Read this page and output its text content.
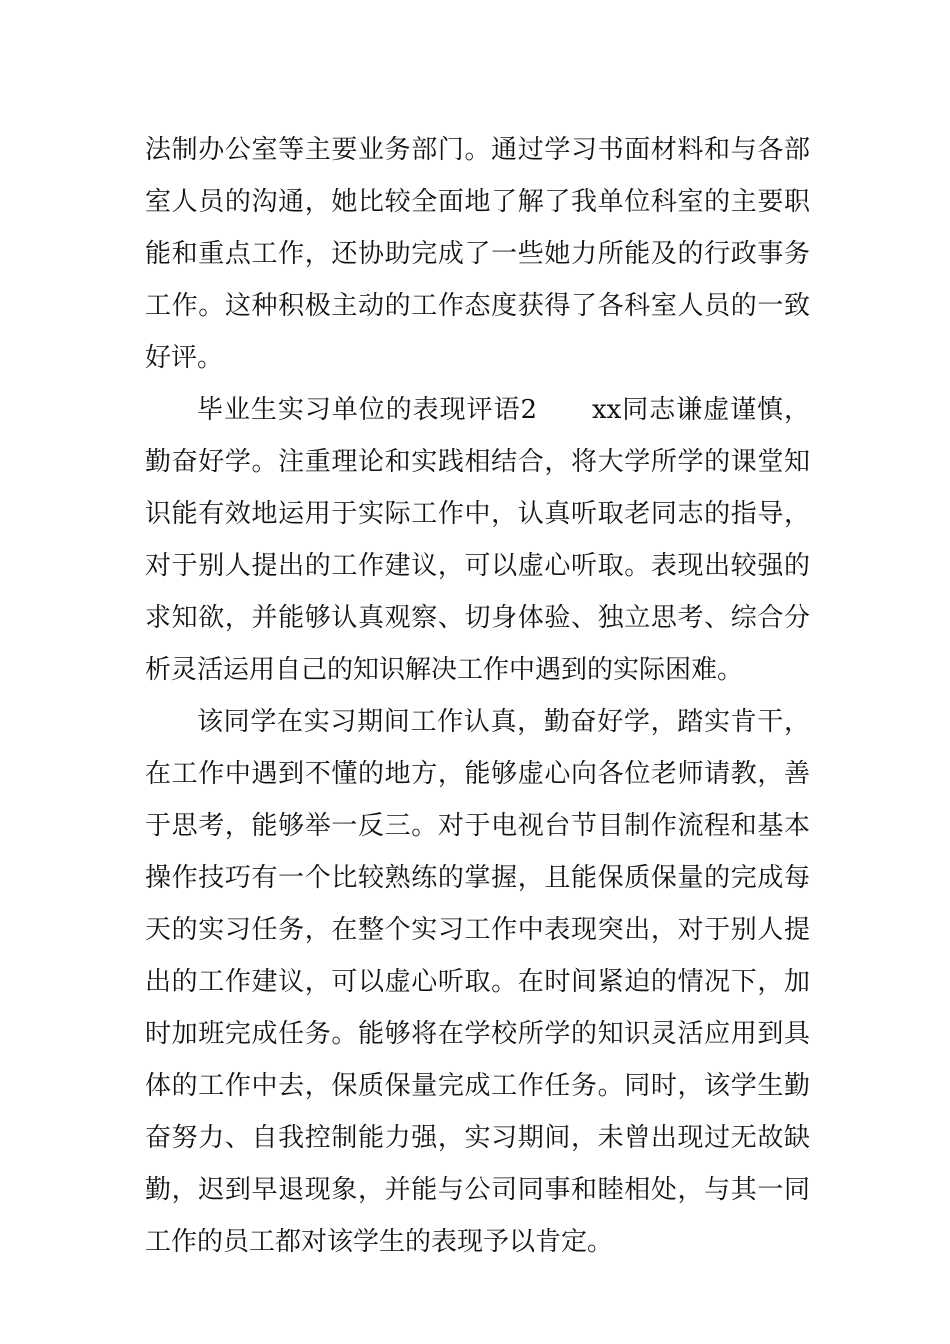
法制办公室等主要业务部门。通过学习书面材料和与各部室人员的沟通，她比较全面地了解了我单位科室的主要职能和重点工作，还协助完成了一些她力所能及的行政事务工作。这种积极主动的工作态度获得了各科室人员的一致好评。

毕业生实习单位的表现评语2　　xx同志谦虚谨慎，勤奋好学。注重理论和实践相结合，将大学所学的课堂知识能有效地运用于实际工作中，认真听取老同志的指导，对于别人提出的工作建议，可以虚心听取。表现出较强的求知欲，并能够认真观察、切身体验、独立思考、综合分析灵活运用自己的知识解决工作中遇到的实际困难。

该同学在实习期间工作认真，勤奋好学，踏实肯干，在工作中遇到不懂的地方，能够虚心向各位老师请教，善于思考，能够举一反三。对于电视台节目制作流程和基本操作技巧有一个比较熟练的掌握，且能保质保量的完成每天的实习任务，在整个实习工作中表现突出，对于别人提出的工作建议，可以虚心听取。在时间紧迫的情况下，加时加班完成任务。能够将在学校所学的知识灵活应用到具体的工作中去，保质保量完成工作任务。同时，该学生勤奋努力、自我控制能力强，实习期间，未曾出现过无故缺勤，迟到早退现象，并能与公司同事和睦相处，与其一同工作的员工都对该学生的表现予以肯定。
